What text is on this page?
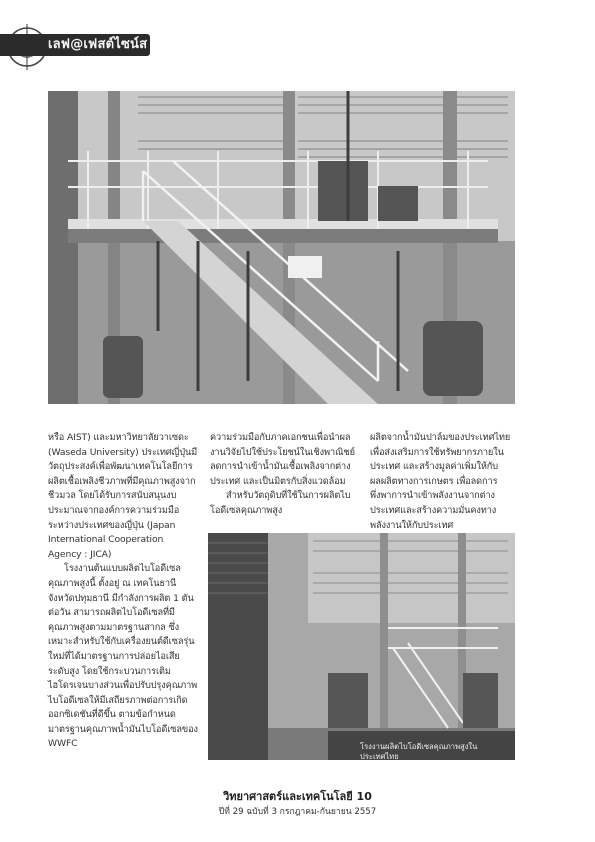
เลฟ@เฟสต์ไซน์ส

หรือ AIST) และมหาวิทยาลัยวาเซดะ (Waseda University) ประเทศญี่ปุ่นมีวัตถุประสงค์เพื่อพัฒนาเทคโนโลยีการผลิตเชื้อเพลิงชีวภาพที่มีคุณภาพสูงจากชีวมวล โดยได้รับการสนับสนุนงบประมาณจากองค์การความร่วมมือระหว่างประเทศของญี่ปุ่น (Japan International Cooperation Agency : JICA)

โรงงานต้นแบบผลิตไบโอดีเซลคุณภาพสูงนี้ ตั้งอยู่ ณ เทคโนธานี จังหวัดปทุมธานี มีกำลังการผลิต 1 ตันต่อวัน สามารถผลิตไบโอดีเซลที่มีคุณภาพสูงตามมาตรฐานสากล ซึ่งเหมาะสำหรับใช้กับเครื่องยนต์ดีเซลรุ่นใหม่ที่ได้มาตรฐานการปล่อยไอเสียระดับสูง โดยใช้กระบวนการเติมไฮโดรเจนบางส่วนเพื่อปรับปรุงคุณภาพไบโอดีเซลให้มีเสถียรภาพต่อการเกิดออกซิเดชันที่ดีขึ้น ตามข้อกำหนดมาตรฐานคุณภาพน้ำมันไบโอดีเซลของ WWFC

ความร่วมมือกับภาคเอกชนเพื่อนำผลงานวิจัยไปใช้ประโยชน์ในเชิงพาณิชย์ ลดการนำเข้าน้ำมันเชื้อเพลิงจากต่างประเทศ และเป็นมิตรกับสิ่งแวดล้อม

สำหรับวัตถุดิบที่ใช้ในการผลิตไบโอดีเซลคุณภาพสูง

ผลิตจากน้ำมันปาล์มของประเทศไทยเพื่อส่งเสริมการใช้ทรัพยากรภายในประเทศ และสร้างมูลค่าเพิ่มให้กับผลผลิตทางการเกษตร เพื่อลดการพึ่งพาการนำเข้าพลังงานจากต่างประเทศและสร้างความมั่นคงทางพลังงานให้กับประเทศ

โรงงานผลิตไบโอดีเซลคุณภาพสูงในประเทศไทย
วิทยาศาสตร์และเทคโนโลยี 10
ปีที่ 29 ฉบับที่ 3 กรกฎาคม-กันยายน 2557
